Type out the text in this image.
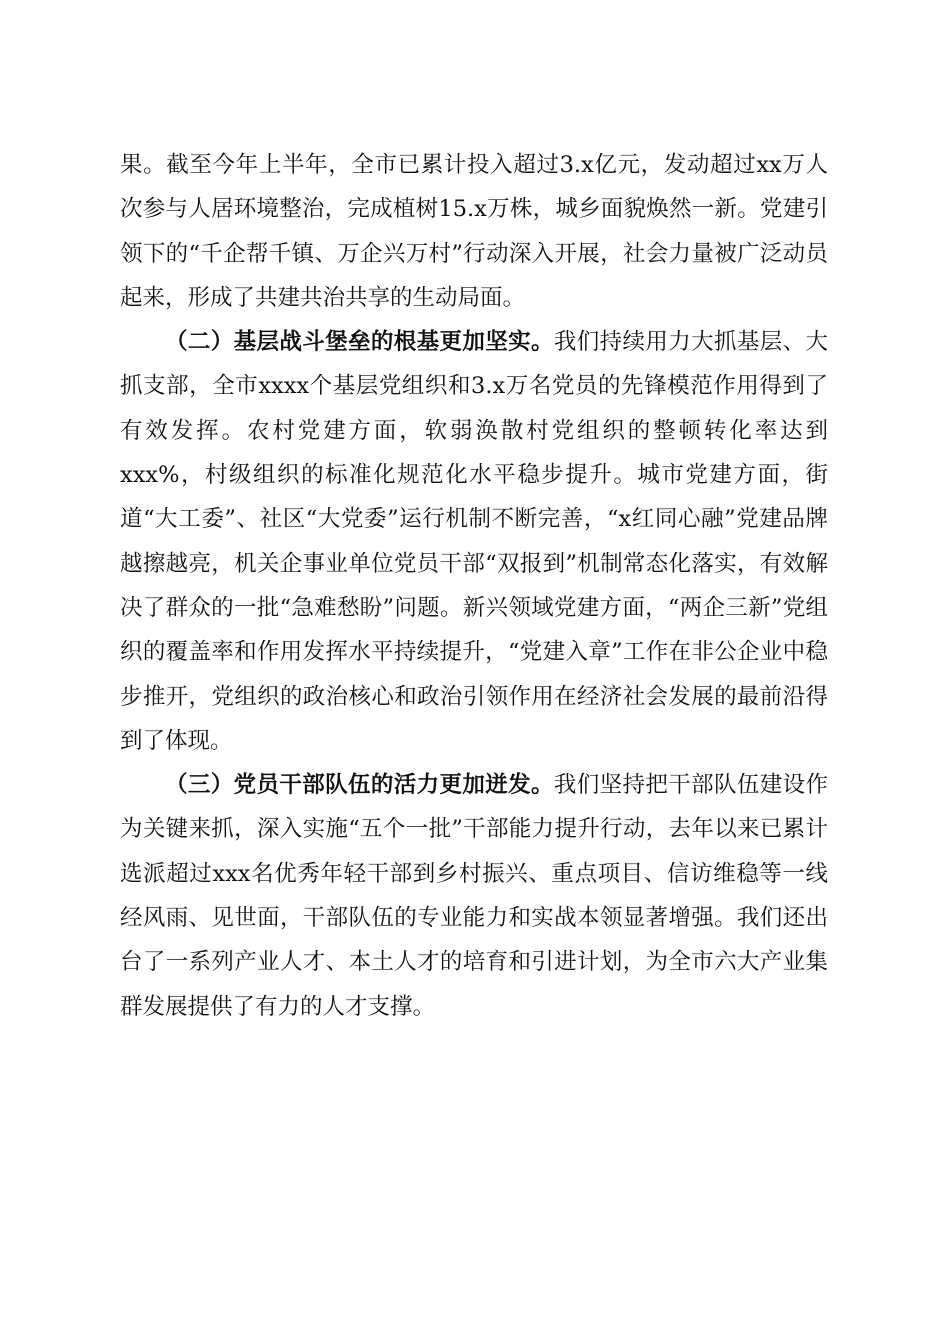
果。截至今年上半年，全市已累计投入超过3.x亿元，发动超过xx万人次参与人居环境整治，完成植树15.x万株，城乡面貌焕然一新。党建引领下的“千企帮千镇、万企兴万村”行动深入开展，社会力量被广泛动员起来，形成了共建共治共享的生动局面。

（二）基层战斗堡垒的根基更加坚实。我们持续用力大抓基层、大抓支部，全市xxxx个基层党组织和3.x万名党员的先锋模范作用得到了有效发挥。农村党建方面，软弱涣散村党组织的整顿转化率达到xxx%，村级组织的标准化规范化水平稳步提升。城市党建方面，街道“大工委”、社区“大党委”运行机制不断完善，“x红同心融”党建品牌越擦越亮，机关企事业单位党员干部“双报到”机制常态化落实，有效解决了群众的一批“急难愁盼”问题。新兴领域党建方面，“两企三新”党组织的覆盖率和作用发挥水平持续提升，“党建入章”工作在非公企业中稳步推开，党组织的政治核心和政治引领作用在经济社会发展的最前沿得到了体现。

（三）党员干部队伍的活力更加迸发。我们坚持把干部队伍建设作为关键来抓，深入实施“五个一批”干部能力提升行动，去年以来已累计选派超过xxx名优秀年轻干部到乡村振兴、重点项目、信访维稳等一线经风雨、见世面，干部队伍的专业能力和实战本领显著增强。我们还出台了一系列产业人才、本土人才的培育和引进计划，为全市六大产业集群发展提供了有力的人才支撑。
